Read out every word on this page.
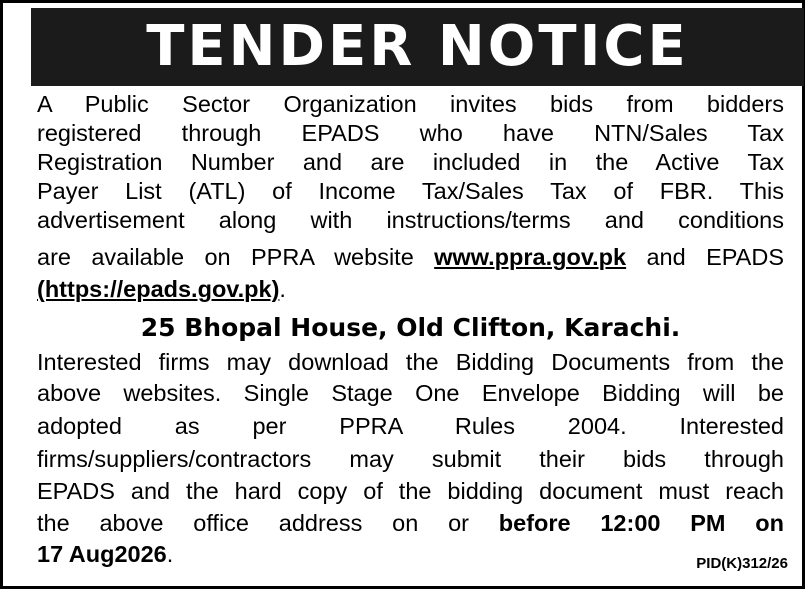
TENDER NOTICE
A Public Sector Organization invites bids from bidders
registered through EPADS who have NTN/Sales Tax
Registration Number and are included in the Active Tax
Payer List (ATL) of Income Tax/Sales Tax of FBR. This
advertisement along with instructions/terms and conditions
are available on PPRA website www.ppra.gov.pk and EPADS
(https://epads.gov.pk).
25 Bhopal House, Old Clifton, Karachi.
Interested firms may download the Bidding Documents from the
above websites. Single Stage One Envelope Bidding will be
adopted as per PPRA Rules 2004. Interested
firms/suppliers/contractors may submit their bids through
EPADS and the hard copy of the bidding document must reach
the above office address on or before 12:00 PM on
17 Aug2026.	PID(K)312/26
